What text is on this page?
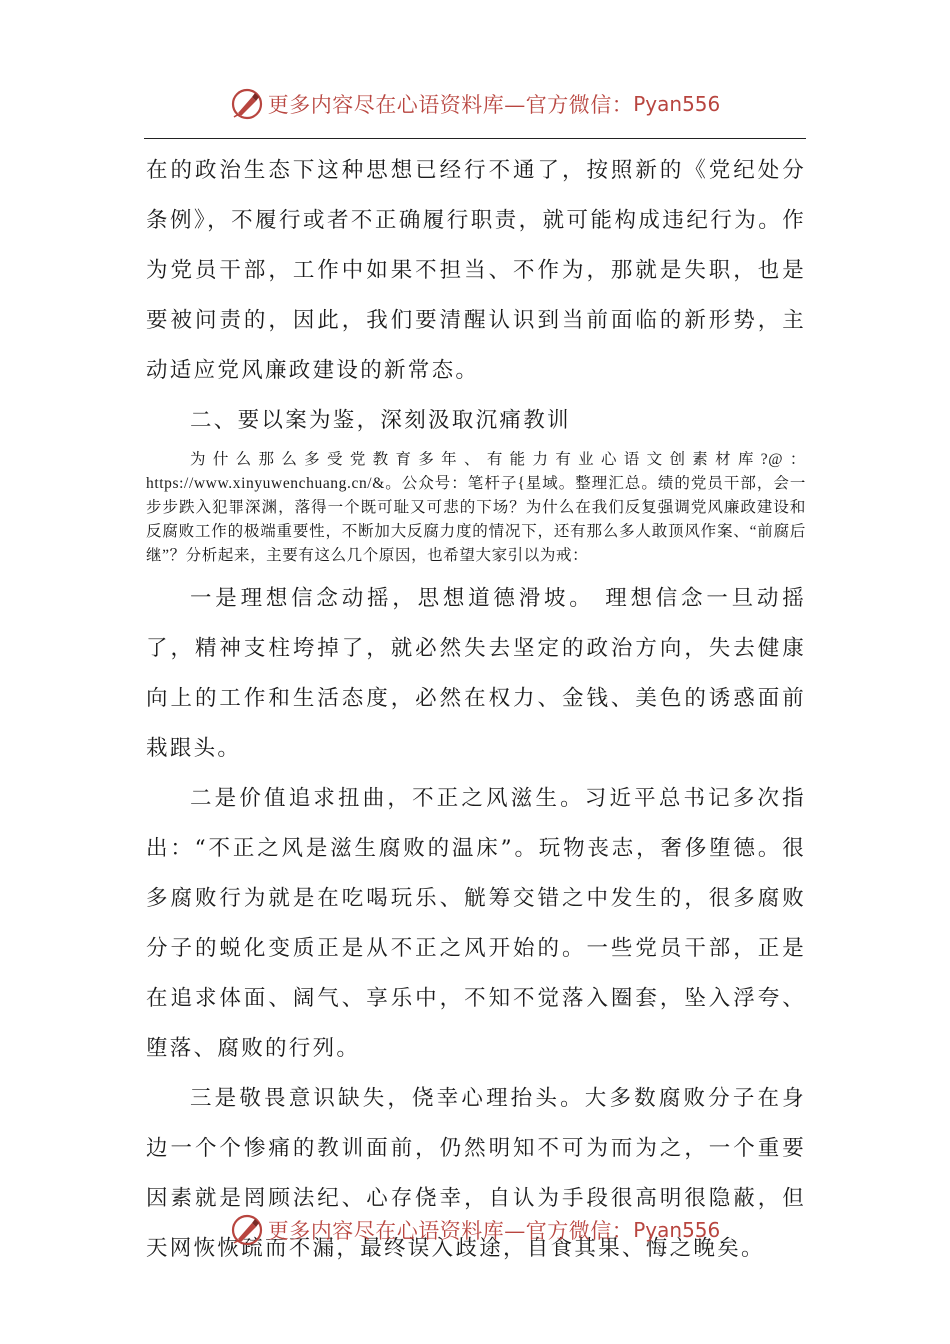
更多内容尽在心语资料库—官方微信： Pyan556

在的政治生态下这种思想已经行不通了，按照新的《党纪处分条例》，不履行或者不正确履行职责，就可能构成违纪行为。作为党员干部，工作中如果不担当、不作为，那就是失职，也是要被问责的，因此，我们要清醒认识到当前面临的新形势，主动适应党风廉政建设的新常态。

二、要以案为鉴，深刻汲取沉痛教训

为什么那么多受党教育多年、有能力有业心语文创素材库?@：https://www.xinyuwenchuang.cn/&。公众号：笔杆子{星域。整理汇总。绩的党员干部，会一步步跌入犯罪深渊，落得一个既可耻又可悲的下场？为什么在我们反复强调党风廉政建设和反腐败工作的极端重要性，不断加大反腐力度的情况下，还有那么多人敢顶风作案、“前腐后继”？分析起来，主要有这么几个原因，也希望大家引以为戒：

一是理想信念动摇，思想道德滑坡。 理想信念一旦动摇了，精神支柱垮掉了，就必然失去坚定的政治方向，失去健康向上的工作和生活态度，必然在权力、金钱、美色的诱惑面前栽跟头。

二是价值追求扭曲，不正之风滋生。习近平总书记多次指出：“不正之风是滋生腐败的温床”。玩物丧志，奢侈堕德。很多腐败行为就是在吃喝玩乐、觥筹交错之中发生的，很多腐败分子的蜕化变质正是从不正之风开始的。一些党员干部，正是在追求体面、阔气、享乐中，不知不觉落入圈套，坠入浮夸、堕落、腐败的行列。

三是敬畏意识缺失，侥幸心理抬头。大多数腐败分子在身边一个个惨痛的教训面前，仍然明知不可为而为之，一个重要因素就是罔顾法纪、心存侥幸，自认为手段很高明很隐蔽，但天网恢恢疏而不漏，最终误入歧途，自食其果、悔之晚矣。

更多内容尽在心语资料库—官方微信： Pyan556
